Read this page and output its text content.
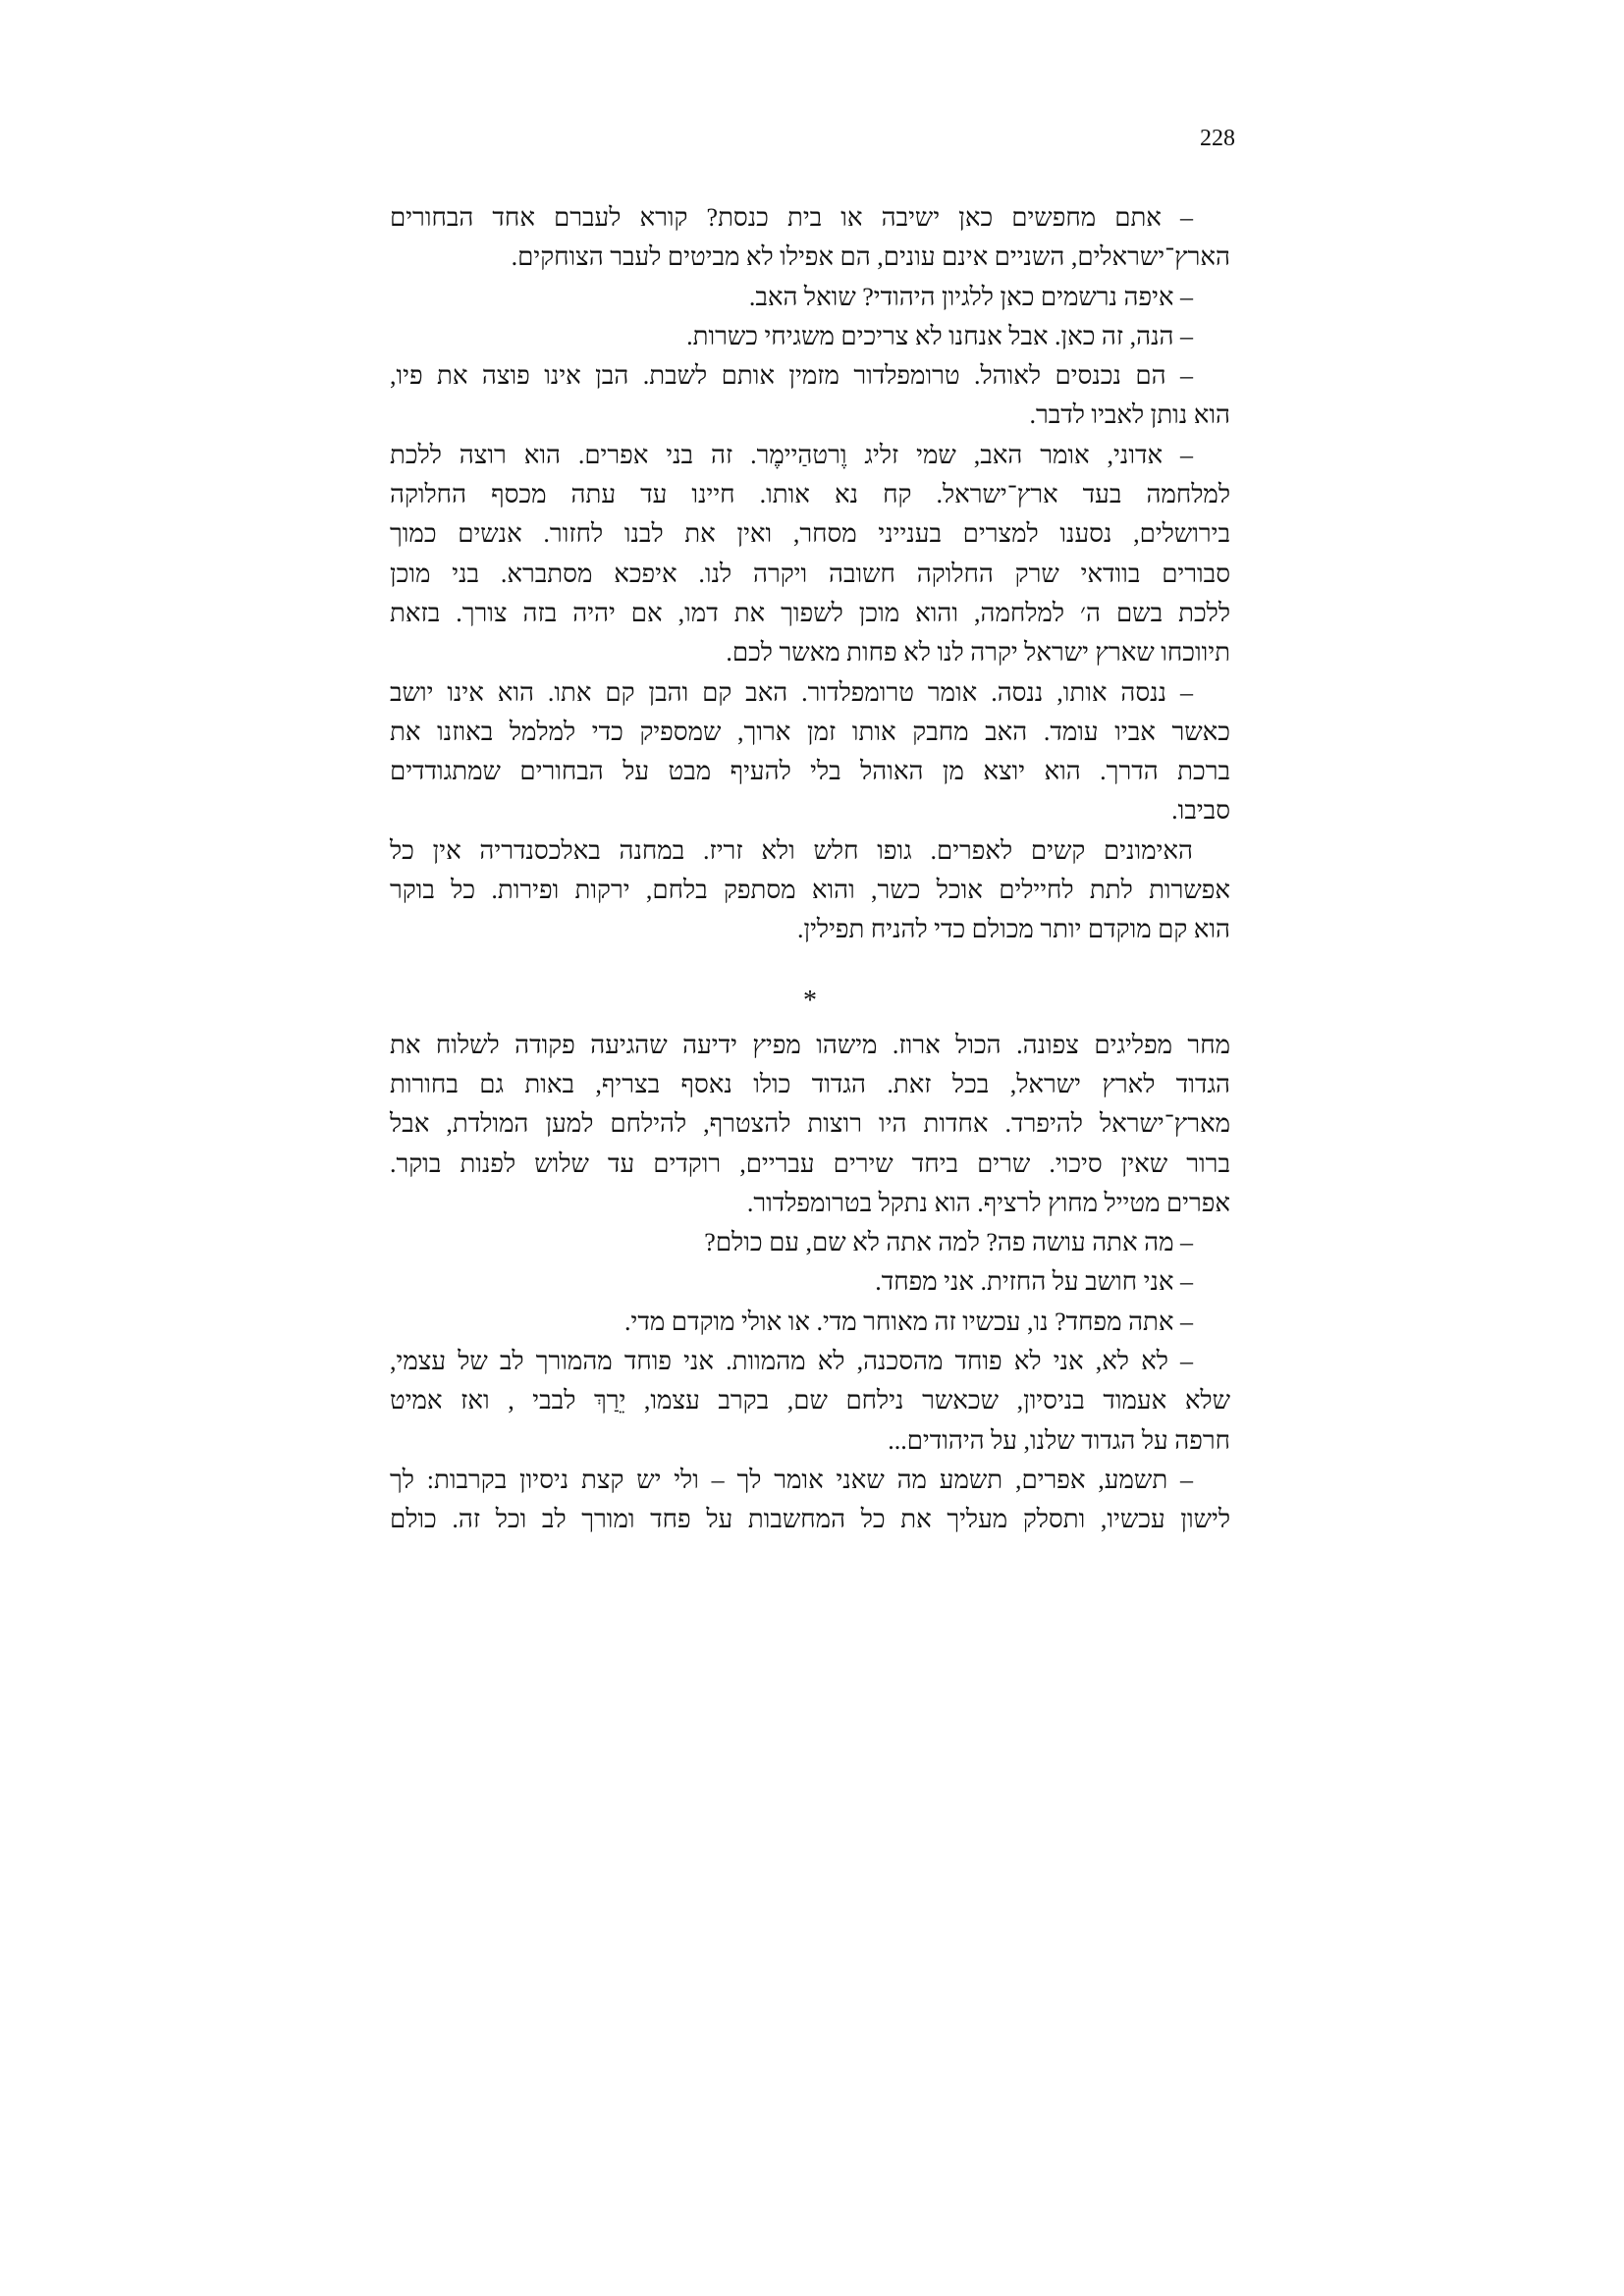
228
– אתם מחפשים כאן ישיבה או בית כנסת? קורא לעברם אחד הבחורים
הארץ־ישראלים, השניים אינם עונים, הם אפילו לא מביטים לעבר הצוחקים.
– איפה נרשמים כאן ללגיון היהודי? שואל האב.
– הנה, זה כאן. אבל אנחנו לא צריכים משגיחי כשרות.
– הם נכנסים לאוהל. טרומפלדור מזמין אותם לשבת. הבן אינו פוצה את פיו,
הוא נותן לאביו לדבר.
– אדוני, אומר האב, שמי זליג וֶרטהַיימֶר. זה בני אפרים. הוא רוצה ללכת
למלחמה בעד ארץ־ישראל. קח נא אותו. חיינו עד עתה מכסף החלוקה
בירושלים, נסענו למצרים בענייני מסחר, ואין את לבנו לחזור. אנשים כמוך
סבורים בוודאי שרק החלוקה חשובה ויקרה לנו. איפכא מסתברא. בני מוכן
ללכת בשם ה׳ למלחמה, והוא מוכן לשפוך את דמו, אם יהיה בזה צורך. בזאת
תיווכחו שארץ ישראל יקרה לנו לא פחות מאשר לכם.
– ננסה אותו, ננסה. אומר טרומפלדור. האב קם והבן קם אתו. הוא אינו יושב
כאשר אביו עומד. האב מחבק אותו זמן ארוך, שמספיק כדי למלמל באוזנו את
ברכת הדרך. הוא יוצא מן האוהל בלי להעיף מבט על הבחורים שמתגודדים
סביבו.
האימונים קשים לאפרים. גופו חלש ולא זריז. במחנה באלכסנדריה אין כל
אפשרות לתת לחיילים אוכל כשר, והוא מסתפק בלחם, ירקות ופירות. כל בוקר
הוא קם מוקדם יותר מכולם כדי להניח תפילין.
*
מחר מפליגים צפונה. הכול ארוז. מישהו מפיץ ידיעה שהגיעה פקודה לשלוח את
הגדוד לארץ ישראל, בכל זאת. הגדוד כולו נאסף בצריף, באות גם בחורות
מארץ־ישראל להיפרד. אחדות היו רוצות להצטרף, להילחם למען המולדת, אבל
ברור שאין סיכוי. שרים ביחד שירים עבריים, רוקדים עד שלוש לפנות בוקר.
אפרים מטייל מחוץ לרציף. הוא נתקל בטרומפלדור.
– מה אתה עושה פה? למה אתה לא שם, עם כולם?
– אני חושב על החזית. אני מפחד.
– אתה מפחד? נו, עכשיו זה מאוחר מדי. או אולי מוקדם מדי.
– לא לא, אני לא פוחד מהסכנה, לא מהמוות. אני פוחד מהמורך לב של עצמי,
שלא אעמוד בניסיון, שכאשר נילחם שם, בקרב עצמו, יֵרַךְ לבבי , ואז אמיט
חרפה על הגדוד שלנו, על היהודים...
– תשמע, אפרים, תשמע מה שאני אומר לך – ולי יש קצת ניסיון בקרבות: לך
לישון עכשיו, ותסלק מעליך את כל המחשבות על פחד ומורך לב וכל זה. כולם
